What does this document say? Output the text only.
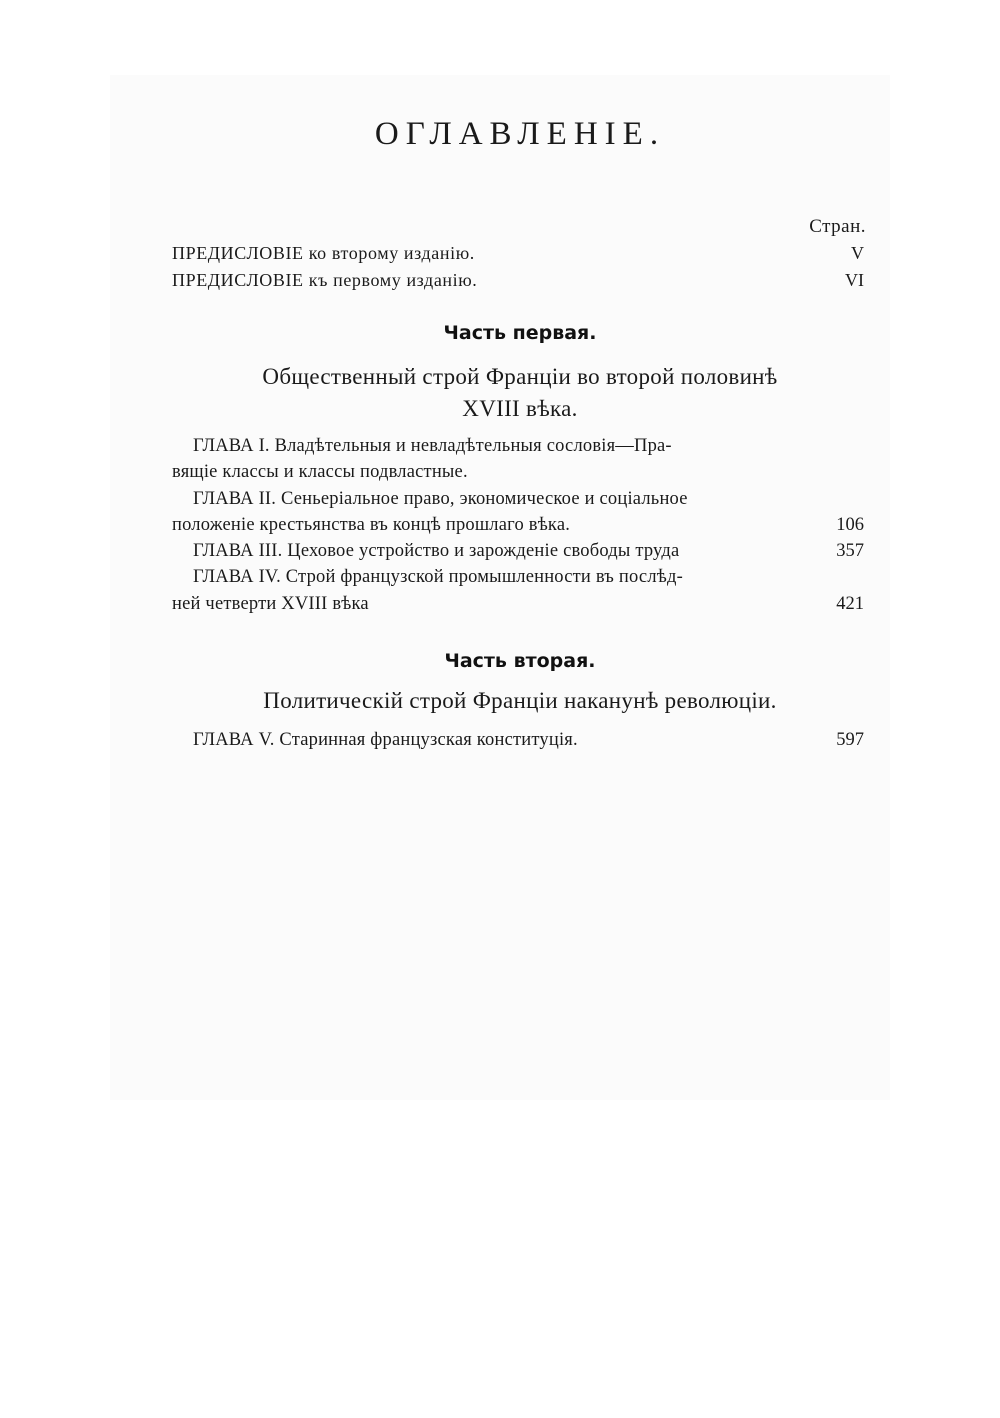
ОГЛАВЛЕНIЕ.
Стран.
ПРЕДИСЛОВIЕ ко второму изданiю.	V
ПРЕДИСЛОВIЕ къ первому изданiю.	VI
Часть первая.
Общественный строй Францiи во второй половинѣ
XVIII вѣка.
ГЛАВА I. Владѣтельныя и невладѣтельныя сословiя—Пра-
вящiе классы и классы подвластные.
ГЛАВА II. Сеньерiальное право, экономическое и соцiальное
положенiе крестьянства въ концѣ прошлаго вѣка.	106
ГЛАВА III. Цеховое устройство и зарожденiе свободы труда	357
ГЛАВА IV. Строй французской промышленности въ послѣд-
ней четверти XVIII вѣка	421
Часть вторая.
Политическiй строй Францiи наканунѣ революцiи.
ГЛАВА V. Старинная французская конституцiя.	597
